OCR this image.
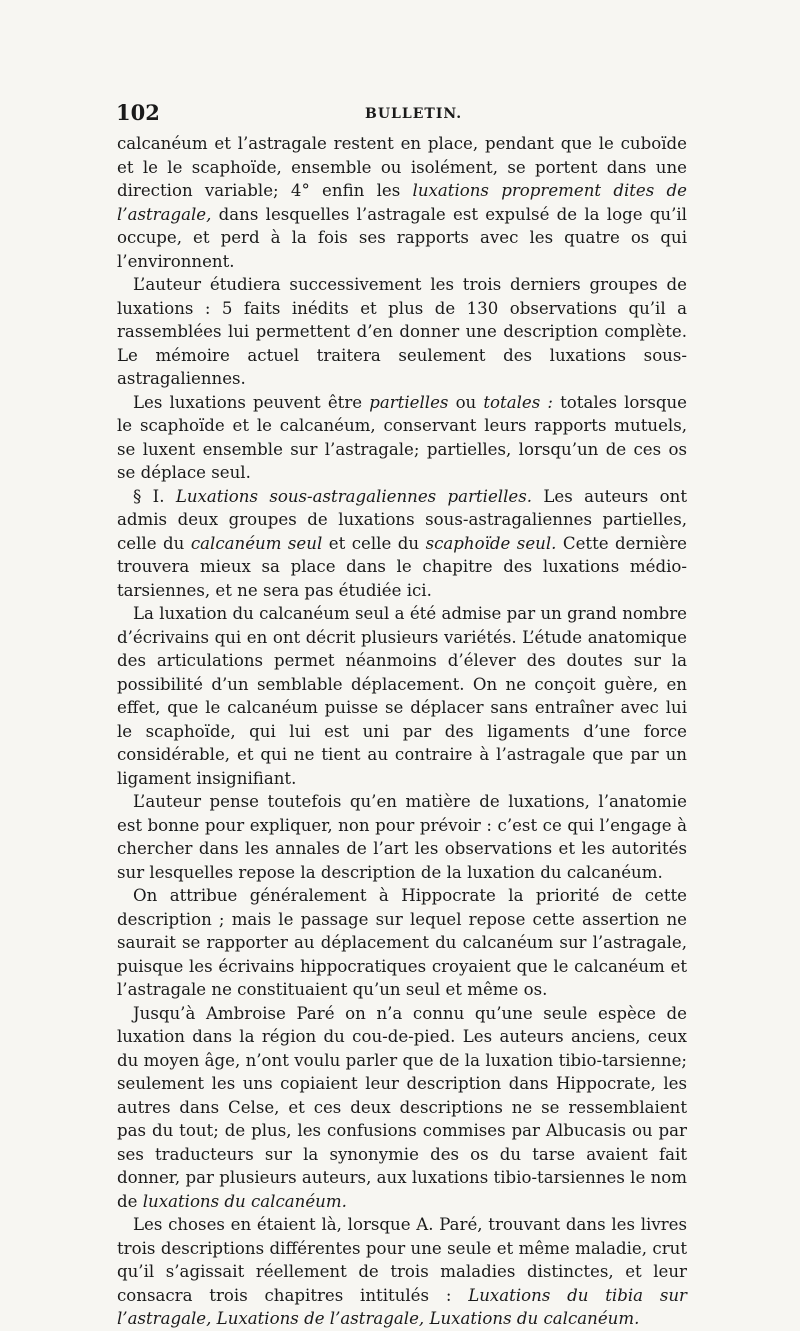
102	BULLETIN.

calcanéum et l’astragale restent en place, pendant que le cuboïde et le le scaphoïde, ensemble ou isolément, se portent dans une direction variable; 4° enfin les luxations proprement dites de l’astragale, dans lesquelles l’astragale est expulsé de la loge qu’il occupe, et perd à la fois ses rapports avec les quatre os qui l’environnent.

L’auteur étudiera successivement les trois derniers groupes de luxations : 5 faits inédits et plus de 130 observations qu’il a rassemblées lui permettent d’en donner une description complète. Le mémoire actuel traitera seulement des luxations sous-astragaliennes.

Les luxations peuvent être partielles ou totales : totales lorsque le scaphoïde et le calcanéum, conservant leurs rapports mutuels, se luxent ensemble sur l’astragale; partielles, lorsqu’un de ces os se déplace seul.

§ I. Luxations sous-astragaliennes partielles. Les auteurs ont admis deux groupes de luxations sous-astragaliennes partielles, celle du calcanéum seul et celle du scaphoïde seul. Cette dernière trouvera mieux sa place dans le chapitre des luxations médio-tarsiennes, et ne sera pas étudiée ici.

La luxation du calcanéum seul a été admise par un grand nombre d’écrivains qui en ont décrit plusieurs variétés. L’étude anatomique des articulations permet néanmoins d’élever des doutes sur la possibilité d’un semblable déplacement. On ne conçoit guère, en effet, que le calcanéum puisse se déplacer sans entraîner avec lui le scaphoïde, qui lui est uni par des ligaments d’une force considérable, et qui ne tient au contraire à l’astragale que par un ligament insignifiant.

L’auteur pense toutefois qu’en matière de luxations, l’anatomie est bonne pour expliquer, non pour prévoir : c’est ce qui l’engage à chercher dans les annales de l’art les observations et les autorités sur lesquelles repose la description de la luxation du calcanéum.

On attribue généralement à Hippocrate la priorité de cette description ; mais le passage sur lequel repose cette assertion ne saurait se rapporter au déplacement du calcanéum sur l’astragale, puisque les écrivains hippocratiques croyaient que le calcanéum et l’astragale ne constituaient qu’un seul et même os.

Jusqu’à Ambroise Paré on n’a connu qu’une seule espèce de luxation dans la région du cou-de-pied. Les auteurs anciens, ceux du moyen âge, n’ont voulu parler que de la luxation tibio-tarsienne; seulement les uns copiaient leur description dans Hippocrate, les autres dans Celse, et ces deux descriptions ne se ressemblaient pas du tout; de plus, les confusions commises par Albucasis ou par ses traducteurs sur la synonymie des os du tarse avaient fait donner, par plusieurs auteurs, aux luxations tibio-tarsiennes le nom de luxations du calcanéum.

Les choses en étaient là, lorsque A. Paré, trouvant dans les livres trois descriptions différentes pour une seule et même maladie, crut qu’il s’agissait réellement de trois maladies distinctes, et leur consacra trois chapitres intitulés : Luxations du tibia sur l’astragale, Luxations de l’astragale, Luxations du calcanéum.
